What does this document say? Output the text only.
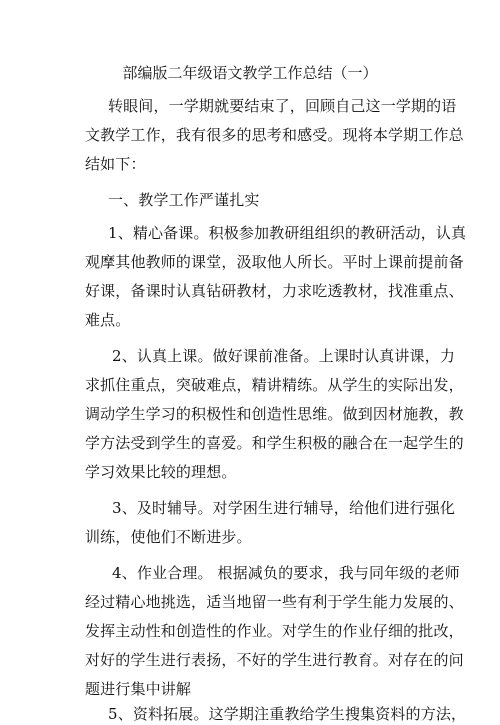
部编版二年级语文教学工作总结（一）
转眼间，一学期就要结束了，回顾自己这一学期的语
文教学工作，我有很多的思考和感受。现将本学期工作总
结如下：
一、教学工作严谨扎实
1、精心备课。积极参加教研组组织的教研活动，认真
观摩其他教师的课堂，汲取他人所长。平时上课前提前备
好课，备课时认真钻研教材，力求吃透教材，找准重点、
难点。
2、认真上课。做好课前准备。上课时认真讲课，力
求抓住重点，突破难点，精讲精练。从学生的实际出发，
调动学生学习的积极性和创造性思维。做到因材施教，教
学方法受到学生的喜爱。和学生积极的融合在一起学生的
学习效果比较的理想。
3、及时辅导。对学困生进行辅导，给他们进行强化
训练，使他们不断进步。
4、作业合理。 根据减负的要求，我与同年级的老师
经过精心地挑选，适当地留一些有利于学生能力发展的、
发挥主动性和创造性的作业。对学生的作业仔细的批改，
对好的学生进行表扬，不好的学生进行教育。对存在的问
题进行集中讲解
5、资料拓展。这学期注重教给学生搜集资料的方法，
